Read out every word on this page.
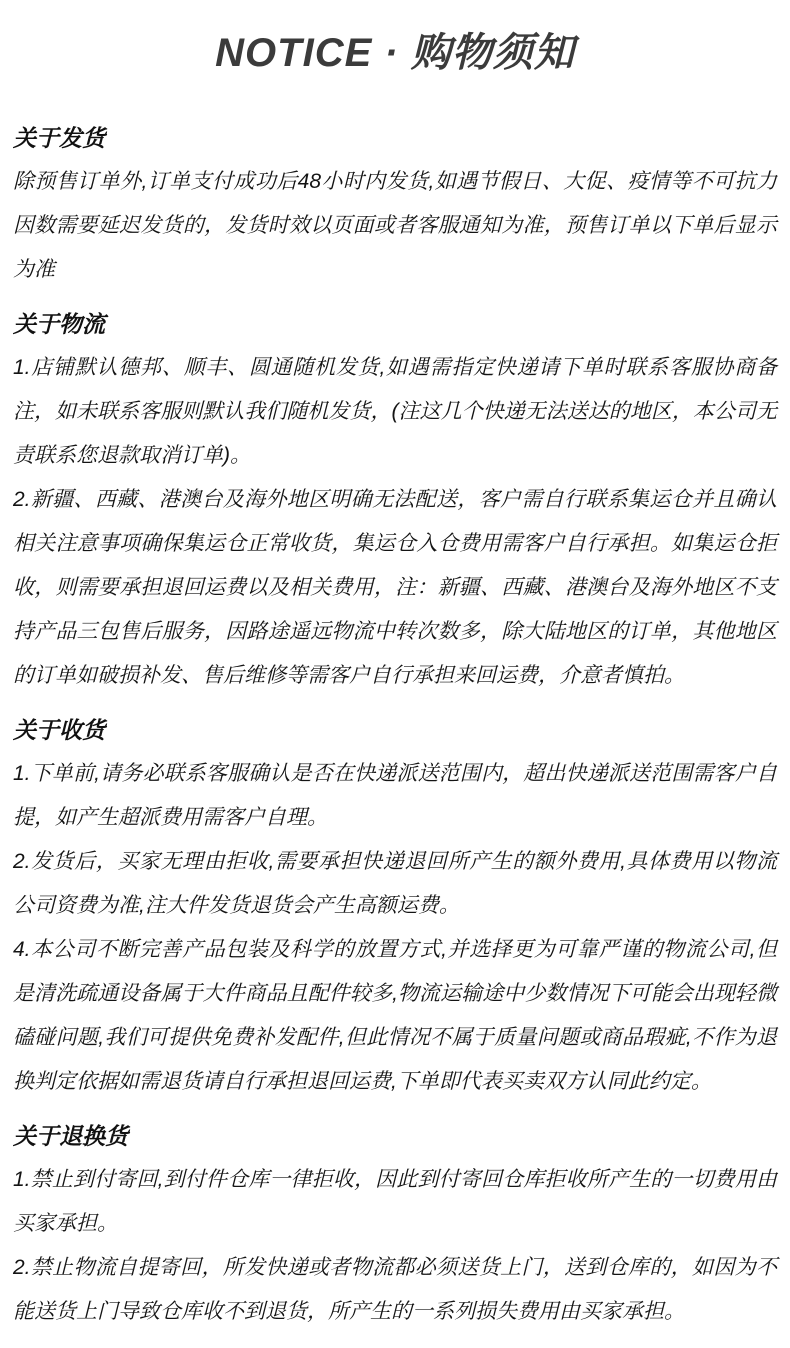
NOTICE · 购物须知
关于发货

除预售订单外,订单支付成功后48小时内发货,如遇节假日、大促、疫情等不可抗力因数需要延迟发货的，发货时效以页面或者客服通知为准，预售订单以下单后显示为准

关于物流

1.店铺默认德邦、顺丰、圆通随机发货,如遇需指定快递请下单时联系客服协商备注，如未联系客服则默认我们随机发货，(注这几个快递无法送达的地区，本公司无责联系您退款取消订单)。

2.新疆、西藏、港澳台及海外地区明确无法配送，客户需自行联系集运仓并且确认相关注意事项确保集运仓正常收货，集运仓入仓费用需客户自行承担。如集运仓拒收，则需要承担退回运费以及相关费用，注：新疆、西藏、港澳台及海外地区不支持产品三包售后服务，因路途遥远物流中转次数多，除大陆地区的订单，其他地区的订单如破损补发、售后维修等需客户自行承担来回运费，介意者慎拍。

关于收货

1.下单前,请务必联系客服确认是否在快递派送范围内，超出快递派送范围需客户自提，如产生超派费用需客户自理。

2.发货后，买家无理由拒收,需要承担快递退回所产生的额外费用,具体费用以物流公司资费为准,注大件发货退货会产生高额运费。

4.本公司不断完善产品包装及科学的放置方式,并选择更为可靠严谨的物流公司,但是清洗疏通设备属于大件商品且配件较多,物流运输途中少数情况下可能会出现轻微磕碰问题,我们可提供免费补发配件,但此情况不属于质量问题或商品瑕疵,不作为退换判定依据如需退货请自行承担退回运费,下单即代表买卖双方认同此约定。

关于退换货

1.禁止到付寄回,到付件仓库一律拒收，因此到付寄回仓库拒收所产生的一切费用由买家承担。

2.禁止物流自提寄回，所发快递或者物流都必须送货上门，送到仓库的，如因为不能送货上门导致仓库收不到退货，所产生的一系列损失费用由买家承担。
